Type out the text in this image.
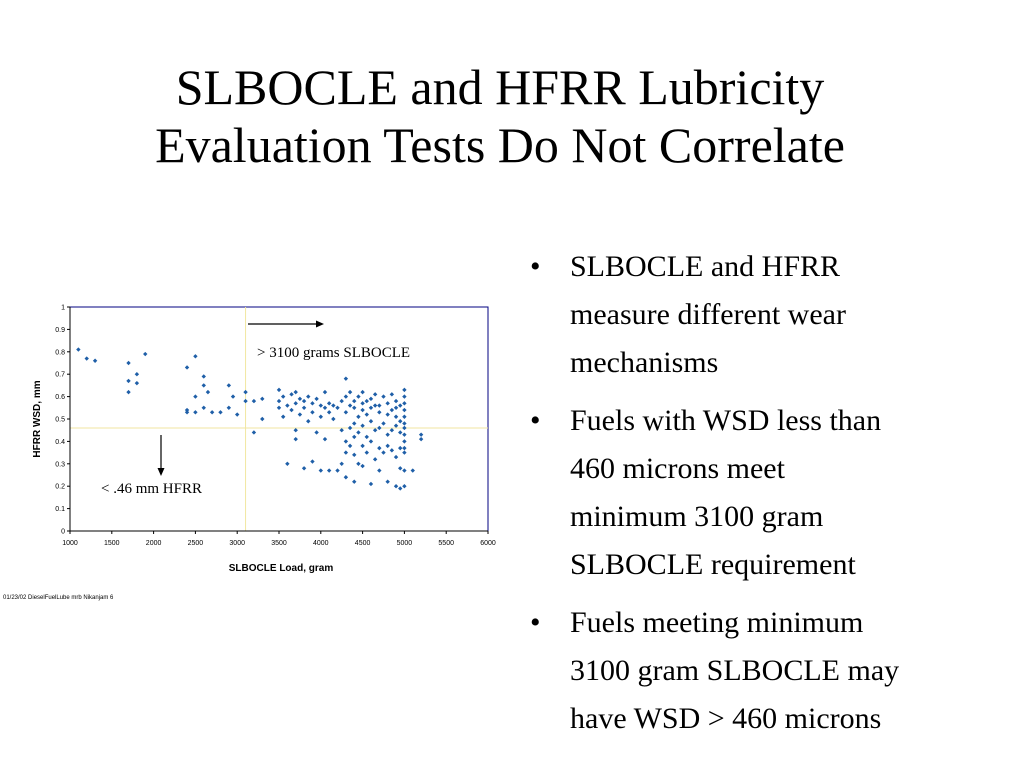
SLBOCLE and HFRR Lubricity
Evaluation Tests Do Not Correlate
1000	1500	2000	2500	3000	3500	4000	4500	5000	5500	6000
0
0.1
0.2
0.3
0.4
0.5
0.6
0.7
0.8
0.9
1
> 3100 grams SLBOCLE
< .46 mm HFRR
SLBOCLE Load, gram
HFRR WSD, mm
01/23/02 DieselFuelLube mrb Nikanjam 6
• SLBOCLE and HFRR
measure different wear
mechanisms
• Fuels with WSD less than
460 microns meet
minimum 3100 gram
SLBOCLE requirement
• Fuels meeting minimum
3100 gram SLBOCLE may
have WSD > 460 microns
